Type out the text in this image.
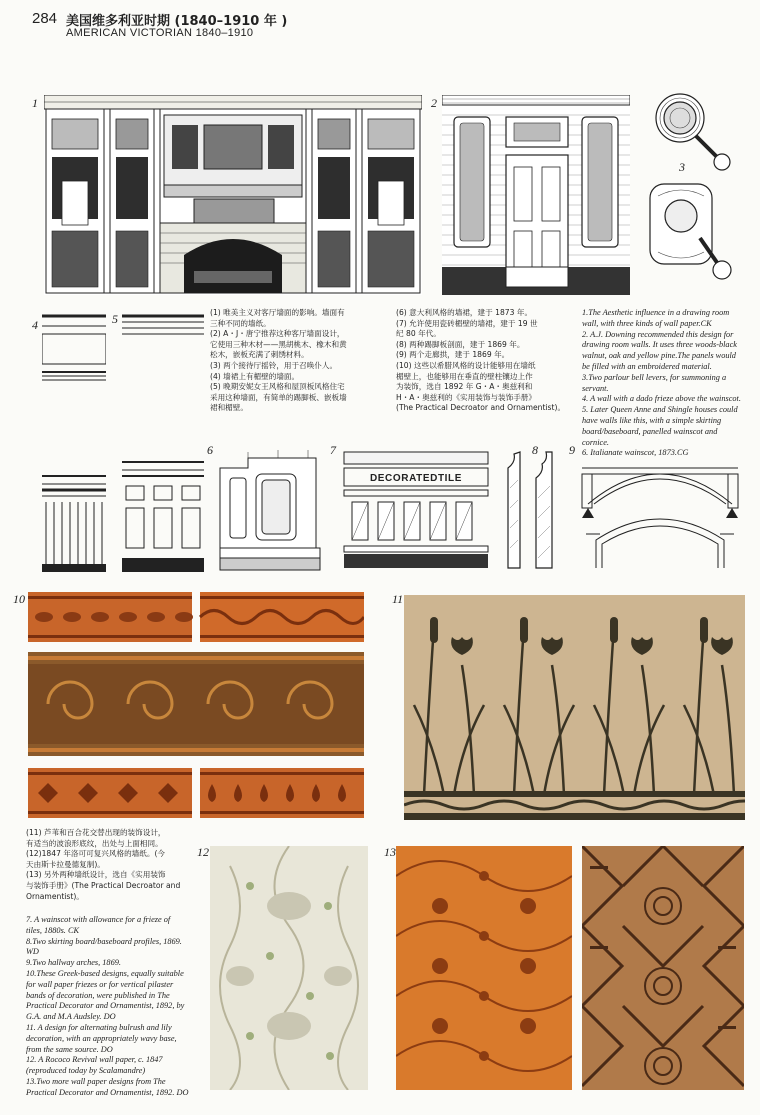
284 美国维多利亚时期 (1840–1910 年 )
AMERICAN VICTORIAN 1840–1910
1	2
3
4	5
6	7	8	9
10	11
12	13
(1) 唯美主义对客厅墙面的影响。墙面有
三种不同的墙纸。
(2) A・J・唐宁推荐这种客厅墙面设计，
它使用三种木材——黑胡桃木、橡木和黄
松木，嵌板充满了刺绣材料。
(3) 两个接待厅摇铃，用于召唤仆人。
(4) 墙裙上有楣壁的墙面。
(5) 晚期安妮女王风格和屋顶板风格住宅
采用这种墙面，有简单的踢脚板、嵌板墙
裙和楣壁。
(6) 意大利风格的墙裙，建于 1873 年。
(7) 允许使用瓷砖楣壁的墙裙，建于 19 世
纪 80 年代。
(8) 两种踢脚板剖面，建于 1869 年。
(9) 两个走廊拱，建于 1869 年。
(10) 这些以希腊风格的设计能够用在墙纸
楣壁上，也能够用在垂直的壁柱镶边上作
为装饰，选自 1892 年 G・A・奥兹利和
H・A・奥兹利的《实用装饰与装饰手册》
(The Practical Decroator and Ornamentist)。
1.The Aesthetic influence in a drawing room
wall, with three kinds of wall paper.CK
2. A.J. Downing recommended this design for
drawing room walls. It uses three woods-black
walnut, oak and yellow pine.The panels would
be filled with an embroidered material.
3.Two parlour bell levers, for summoning a
servant.
4. A wall with a dado frieze above the wainscot.
5. Later Queen Anne and Shingle houses could
have walls like this, with a simple skirting
board/baseboard, panelled wainscot and
cornice.
6. Italianate wainscot, 1873.CG
DECORATEDTILE
(11) 芦苇和百合花交替出现的装饰设计，
有适当的波浪形底纹，出处与上面相同。
(12)1847 年洛可可复兴风格的墙纸。(今
天由斯卡拉曼德复制)。
(13) 另外两种墙纸设计，选自《实用装饰
与装饰手册》(The Practical Decroator and
Ornamentist)。
7. A wainscot with allowance for a frieze of
tiles, 1880s. CK
8.Two skirting board/baseboard profiles, 1869.
WD
9.Two hallway arches, 1869.
10.These Greek-based designs, equally suitable
for wall paper friezes or for vertical pilaster
bands of decoration, were published in The
Practical Decorator and Ornamentist, 1892, by
G.A. and M.A Audsley. DO
11. A design for alternating bulrush and lily
decoration, with an appropriately wavy base,
from the same source. DO
12. A Rococo Revival wall paper, c. 1847
(reproduced today by Scalamandre)
13.Two more wall paper designs from The
Practical Decorator and Ornamentist, 1892. DO
